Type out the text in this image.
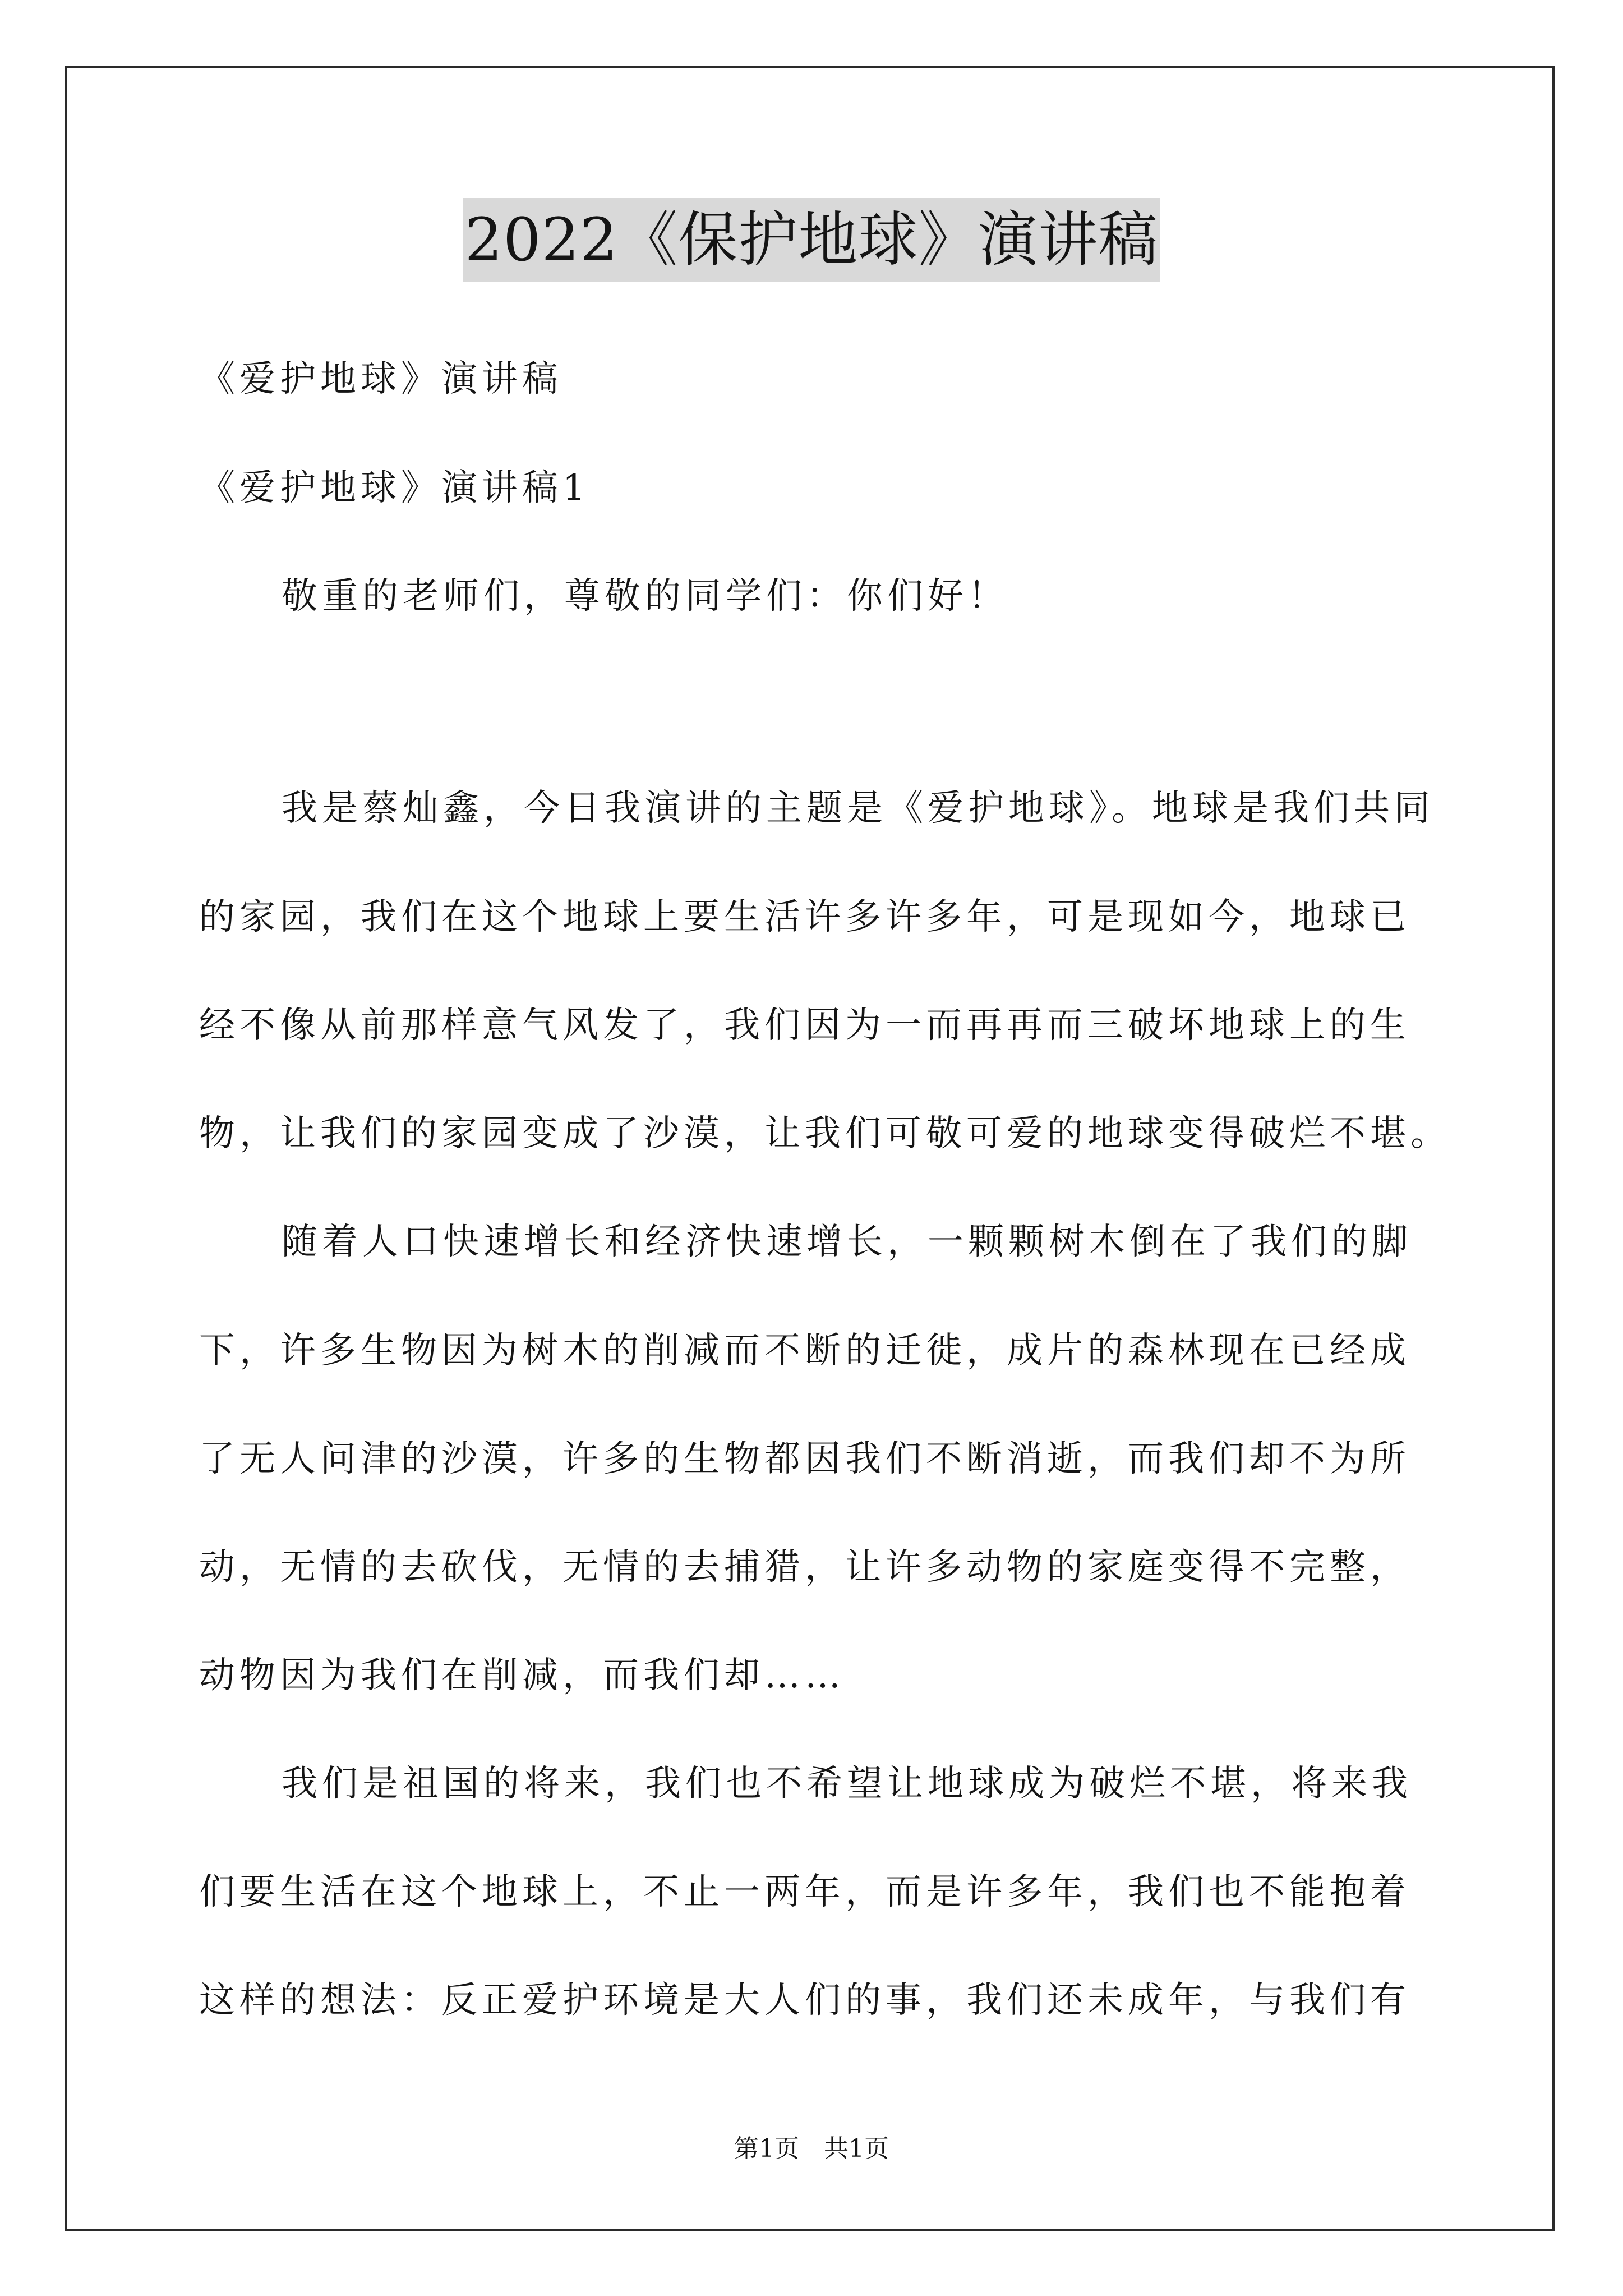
2022《保护地球》演讲稿
《爱护地球》演讲稿
《爱护地球》演讲稿1
敬重的老师们，尊敬的同学们：你们好！
我是蔡灿鑫，今日我演讲的主题是《爱护地球》。地球是我们共同
的家园，我们在这个地球上要生活许多许多年，可是现如今，地球已
经不像从前那样意气风发了，我们因为一而再再而三破坏地球上的生
物，让我们的家园变成了沙漠，让我们可敬可爱的地球变得破烂不堪。
随着人口快速增长和经济快速增长，一颗颗树木倒在了我们的脚
下，许多生物因为树木的削减而不断的迁徙，成片的森林现在已经成
了无人问津的沙漠，许多的生物都因我们不断消逝，而我们却不为所
动，无情的去砍伐，无情的去捕猎，让许多动物的家庭变得不完整，
动物因为我们在削减，而我们却……
我们是祖国的将来，我们也不希望让地球成为破烂不堪，将来我
们要生活在这个地球上，不止一两年，而是许多年，我们也不能抱着
这样的想法：反正爱护环境是大人们的事，我们还未成年，与我们有
第1页　共1页
